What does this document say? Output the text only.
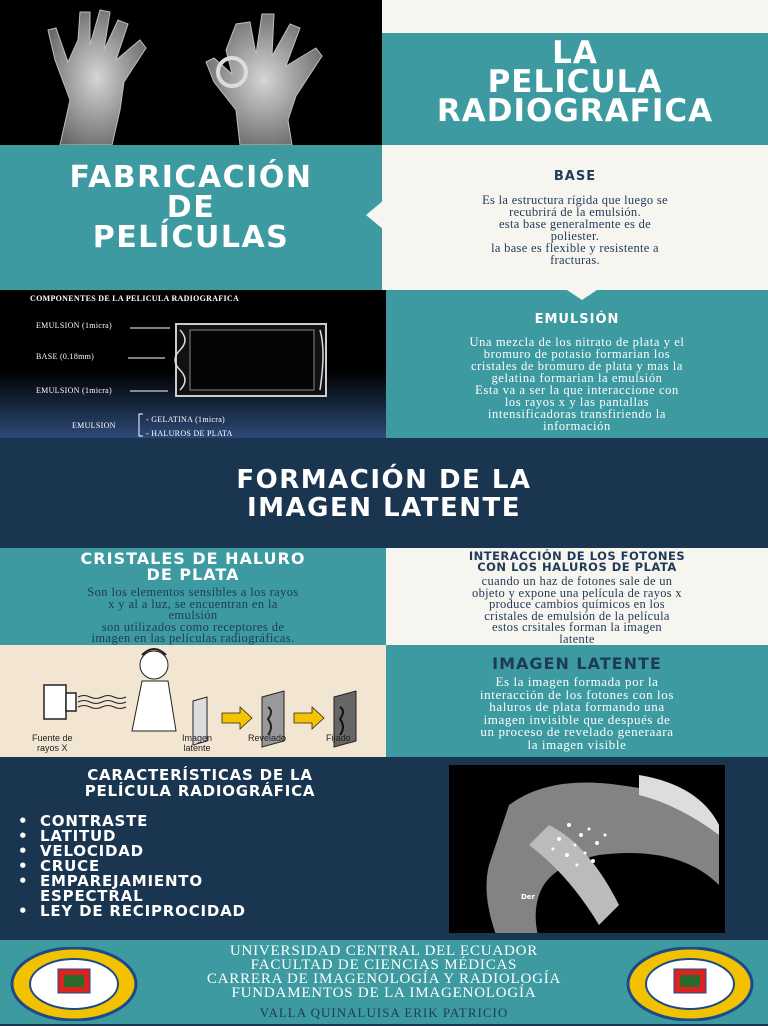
LA
PELICULA
RADIOGRAFICA
FABRICACIÓN
DE
PELÍCULAS
BASE
Es la estructura rígida que luego se
recubrirá de la emulsión.
esta base generalmente es de
poliester.
la base es flexible y resistente a
fracturas.
COMPONENTES DE LA PELICULA RADIOGRAFICA
EMULSION (1micra)
BASE (0.18mm)
EMULSION (1micra)
EMULSION
- GELATINA (1micra)
- HALUROS DE PLATA
EMULSIÓN
Una mezcla de los nitrato de plata y el
bromuro de potasio formarian los
cristales de bromuro de plata y mas la
gelatina formarian la emulsión
Esta va a ser la que interaccione con
los rayos x y las pantallas
intensificadoras transfiriendo la
información
FORMACIÓN DE LA
IMAGEN LATENTE
CRISTALES DE HALURO
DE PLATA
Son los elementos sensibles a los rayos
x y al a luz, se encuentran en la
emulsión
son utilizados como receptores de
imagen en las películas radiográficas.
INTERACCIÓN DE LOS FOTONES
CON LOS HALUROS DE PLATA
cuando un haz de fotones sale de un
objeto y expone una película de rayos x
produce cambios químicos en los
cristales de emulsión de la película
estos crsitales forman la imagen
latente
Fuente de
rayos X
Imagen
latente
Revelado	Fijado
IMAGEN LATENTE
Es la imagen formada por la
interacción de los fotones con los
haluros de plata formando una
imagen invisible que después de
un proceso de revelado generaara
la imagen visible
CARACTERÍSTICAS DE LA
PELÍCULA RADIOGRÁFICA
• CONTRASTE
• LATITUD
• VELOCIDAD
• CRUCE
• EMPAREJAMIENTO
ESPECTRAL
• LEY DE RECIPROCIDAD
Der
UNIVERSIDAD CENTRAL DEL ECUADOR
FACULTAD DE CIENCIAS MÉDICAS
CARRERA DE IMAGENOLOGÍA Y RADIOLOGÍA
FUNDAMENTOS DE LA IMAGENOLOGÍA
VALLA QUINALUISA ERIK PATRICIO
